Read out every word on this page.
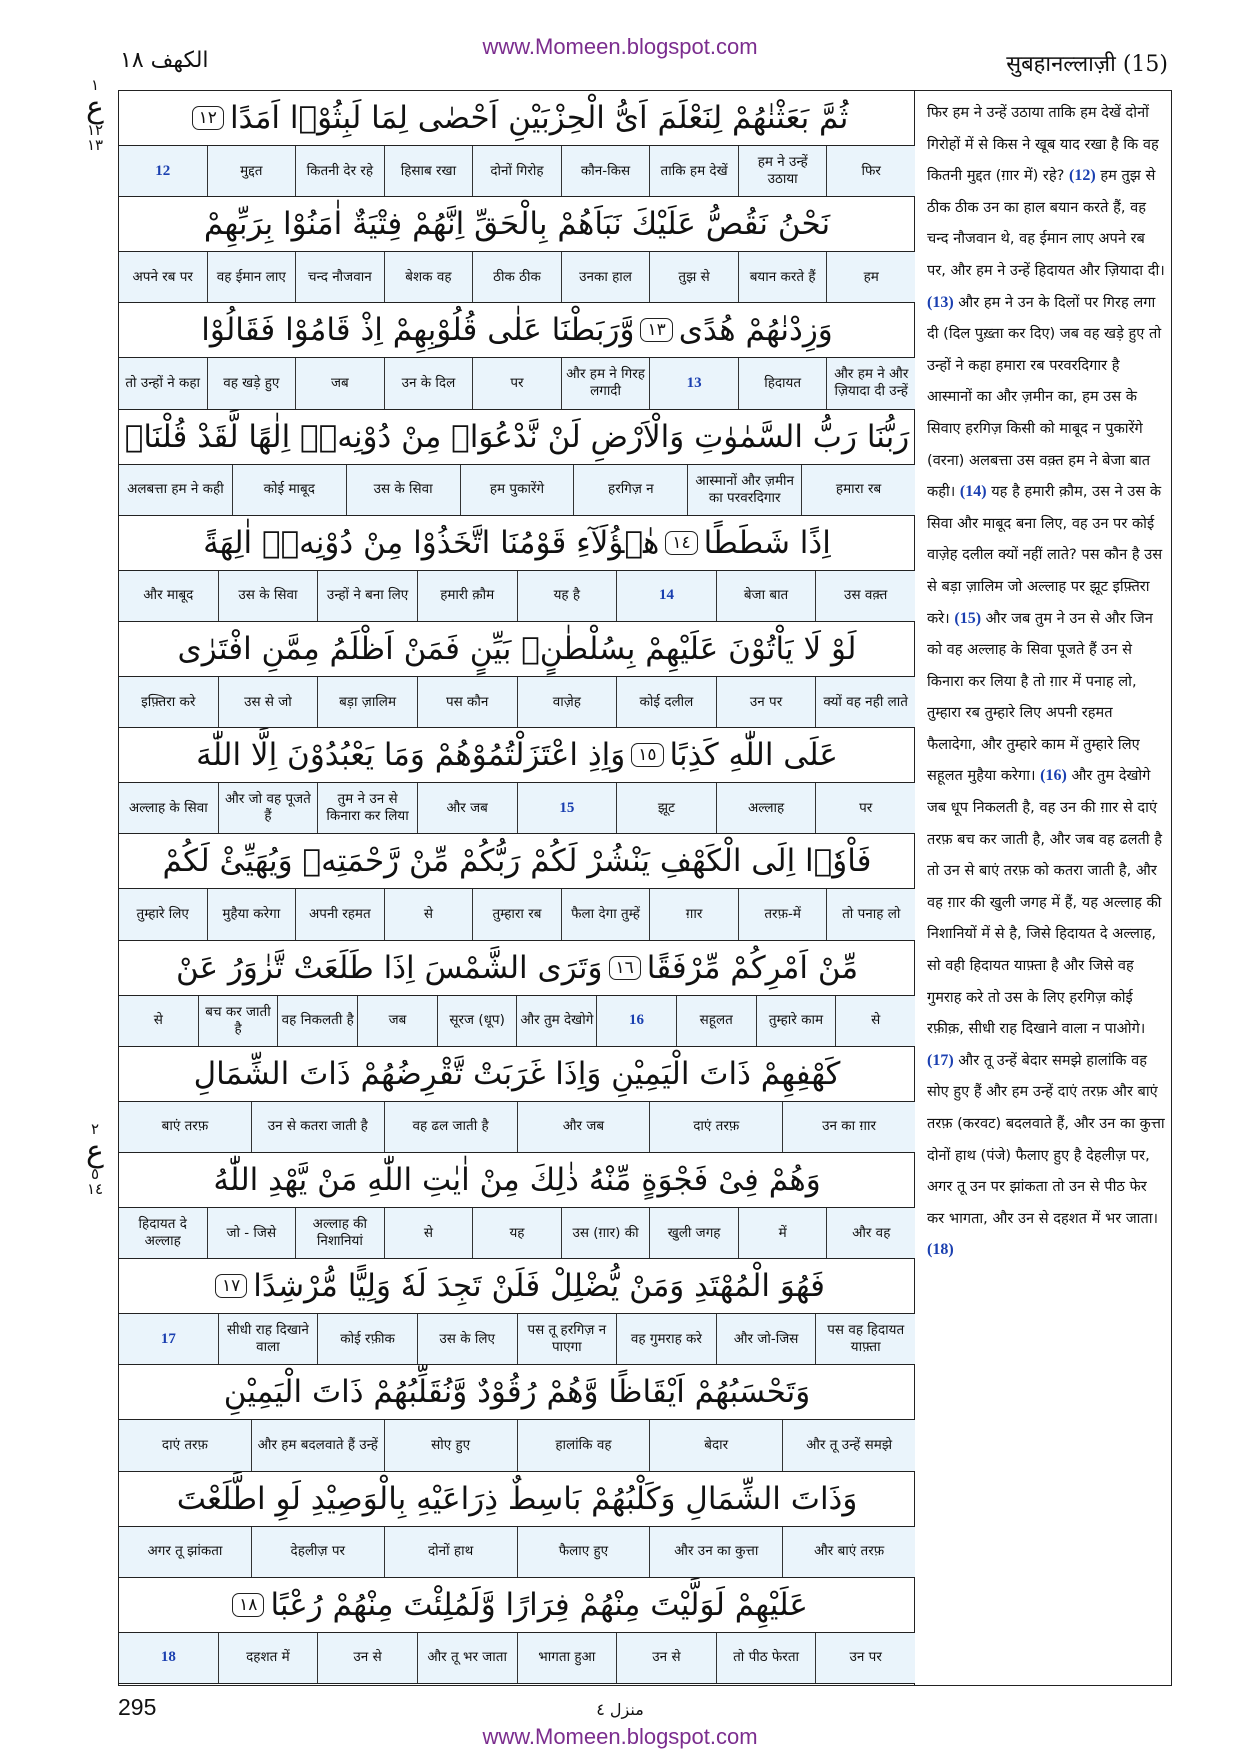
www.Momeen.blogspot.com
الكهف ١٨	सुबहानल्लाज़ी (15)
١

ع
١٢
١٣
٢

ع
٥
١٤
ثُمَّ بَعَثْنٰهُمْ لِنَعْلَمَ اَیُّ الْحِزْبَیْنِ اَحْصٰی لِمَا لَبِثُوْۤا اَمَدًا
١٢
फिर
हम ने उन्हें उठाया
ताकि हम देखें
कौन-किस
दोनों गिरोह
हिसाब रखा
कितनी देर रहे
मुद्दत
12
نَحْنُ نَقُصُّ عَلَیْكَ نَبَاَهُمْ بِالْحَقِّ اِنَّهُمْ فِتْیَةٌ اٰمَنُوْا بِرَبِّهِمْ
हम
बयान करते हैं
तुझ से
उनका हाल
ठीक ठीक
बेशक वह
चन्द नौजवान
वह ईमान लाए
अपने रब पर
وَزِدْنٰهُمْ هُدًی
١٣
وَّرَبَطْنَا عَلٰی قُلُوْبِهِمْ اِذْ قَامُوْا فَقَالُوْا
और हम ने और ज़ियादा दी उन्हें
हिदायत
13
और हम ने गिरह लगादी
पर
उन के दिल
जब
वह खड़े हुए
तो उन्हों ने कहा
رَبُّنَا رَبُّ السَّمٰوٰتِ وَالْاَرْضِ لَنْ نَّدْعُوَاۡ مِنْ دُوْنِهٖۤ اِلٰهًا لَّقَدْ قُلْنَاۤ
हमारा रब
आस्मानों और ज़मीन का परवरदिगार
हरगिज़ न
हम पुकारेंगे
उस के सिवा
कोई माबूद
अलबत्ता हम ने कही
اِذًا شَطَطًا
١٤
هٰۤؤُلَآءِ قَوْمُنَا اتَّخَذُوْا مِنْ دُوْنِهٖۤ اٰلِهَةً
उस वक़्त
बेजा बात
14
यह है
हमारी क़ौम
उन्हों ने बना लिए
उस के सिवा
और माबूद
لَوْ لَا یَاْتُوْنَ عَلَیْهِمْ بِسُلْطٰنٍۭ بَیِّنٍ فَمَنْ اَظْلَمُ مِمَّنِ افْتَرٰی
क्यों वह नही लाते
उन पर
कोई दलील
वाज़ेह
पस कौन
बड़ा ज़ालिम
उस से जो
इफ़्तिरा करे
عَلَی اللّٰهِ كَذِبًا
١٥
وَاِذِ اعْتَزَلْتُمُوْهُمْ وَمَا یَعْبُدُوْنَ اِلَّا اللّٰهَ
पर
अल्लाह
झूट
15
और जब
तुम ने उन से किनारा कर लिया
और जो वह पूजते हैं
अल्लाह के सिवा
فَاْوٗۤا اِلَی الْكَهْفِ یَنْشُرْ لَكُمْ رَبُّكُمْ مِّنْ رَّحْمَتِهٖ وَیُهَیِّئْ لَكُمْ
तो पनाह लो
तरफ़-में
ग़ार
फैला देगा तुम्हें
तुम्हारा रब
से
अपनी रहमत
मुहैया करेगा
तुम्हारे लिए
مِّنْ اَمْرِكُمْ مِّرْفَقًا
١٦
وَتَرَی الشَّمْسَ اِذَا طَلَعَتْ تَّزٰوَرُ عَنْ
से
तुम्हारे काम
सहूलत
16
और तुम देखोगे
सूरज (धूप)
जब
वह निकलती है
बच कर जाती है
से
كَهْفِهِمْ ذَاتَ الْیَمِیْنِ وَاِذَا غَرَبَتْ تَّقْرِضُهُمْ ذَاتَ الشِّمَالِ
उन का ग़ार
दाएं तरफ़
और जब
वह ढल जाती है
उन से कतरा जाती है
बाएं तरफ़
وَهُمْ فِیْ فَجْوَةٍ مِّنْهُ ذٰلِكَ مِنْ اٰیٰتِ اللّٰهِ مَنْ یَّهْدِ اللّٰهُ
और वह
में
खुली जगह
उस (ग़ार) की
यह
से
अल्लाह की निशानियां
जो - जिसे
हिदायत दे अल्लाह
فَهُوَ الْمُهْتَدِ وَمَنْ یُّضْلِلْ فَلَنْ تَجِدَ لَهٗ وَلِیًّا مُّرْشِدًا
١٧
पस वह हिदायत याफ़्ता
और जो-जिस
वह गुमराह करे
पस तू हरगिज़ न पाएगा
उस के लिए
कोई रफ़ीक
सीधी राह दिखाने वाला
17
وَتَحْسَبُهُمْ اَیْقَاظًا وَّهُمْ رُقُوْدٌ وَّنُقَلِّبُهُمْ ذَاتَ الْیَمِیْنِ
और तू उन्हें समझे
बेदार
हालांकि वह
सोए हुए
और हम बदलवाते हैं उन्हें
दाएं तरफ़
وَذَاتَ الشِّمَالِ وَكَلْبُهُمْ بَاسِطٌ ذِرَاعَیْهِ بِالْوَصِیْدِ لَوِ اطَّلَعْتَ
और बाएं तरफ़
और उन का कुत्ता
फैलाए हुए
दोनों हाथ
देहलीज़ पर
अगर तू झांकता
عَلَیْهِمْ لَوَلَّیْتَ مِنْهُمْ فِرَارًا وَّلَمُلِئْتَ مِنْهُمْ رُعْبًا
١٨
उन पर
तो पीठ फेरता
उन से
भागता हुआ
और तू भर जाता
उन से
दहशत में
18
फिर हम ने उन्हें उठाया ताकि हम देखें दोनों गिरोहों में से किस ने खूब याद रखा है कि वह कितनी मुद्दत (ग़ार में) रहे? (12) हम तुझ से ठीक ठीक उन का हाल बयान करते हैं, वह चन्द नौजवान थे, वह ईमान लाए अपने रब पर, और हम ने उन्हें हिदायत और ज़ियादा दी। (13) और हम ने उन के दिलों पर गिरह लगा दी (दिल पुख़्ता कर दिए) जब वह खड़े हुए तो उन्हों ने कहा हमारा रब परवरदिगार है आस्मानों का और ज़मीन का, हम उस के सिवाए हरगिज़ किसी को माबूद न पुकारेंगे (वरना) अलबत्ता उस वक़्त हम ने बेजा बात कही। (14) यह है हमारी क़ौम, उस ने उस के सिवा और माबूद बना लिए, वह उन पर कोई वाज़ेह दलील क्यों नहीं लाते? पस कौन है उस से बड़ा ज़ालिम जो अल्लाह पर झूट इफ़्तिरा करे। (15) और जब तुम ने उन से और जिन को वह अल्लाह के सिवा पूजते हैं उन से किनारा कर लिया है तो ग़ार में पनाह लो, तुम्हारा रब तुम्हारे लिए अपनी रहमत फैलादेगा, और तुम्हारे काम में तुम्हारे लिए सहूलत मुहैया करेगा। (16) और तुम देखोगे जब धूप निकलती है, वह उन की ग़ार से दाएं तरफ़ बच कर जाती है, और जब वह ढलती है तो उन से बाएं तरफ़ को कतरा जाती है, और वह ग़ार की खुली जगह में हैं, यह अल्लाह की निशानियों में से है, जिसे हिदायत दे अल्लाह, सो वही हिदायत याफ़्ता है और जिसे वह गुमराह करे तो उस के लिए हरगिज़ कोई रफ़ीक़, सीधी राह दिखाने वाला न पाओगे। (17) और तू उन्हें बेदार समझे हालांकि वह सोए हुए हैं और हम उन्हें दाएं तरफ़ और बाएं तरफ़ (करवट) बदलवाते हैं, और उन का कुत्ता दोनों हाथ (पंजे) फैलाए हुए है देहलीज़ पर, अगर तू उन पर झांकता तो उन से पीठ फेर कर भागता, और उन से दहशत में भर जाता। (18)
295	منزل ٤
www.Momeen.blogspot.com
